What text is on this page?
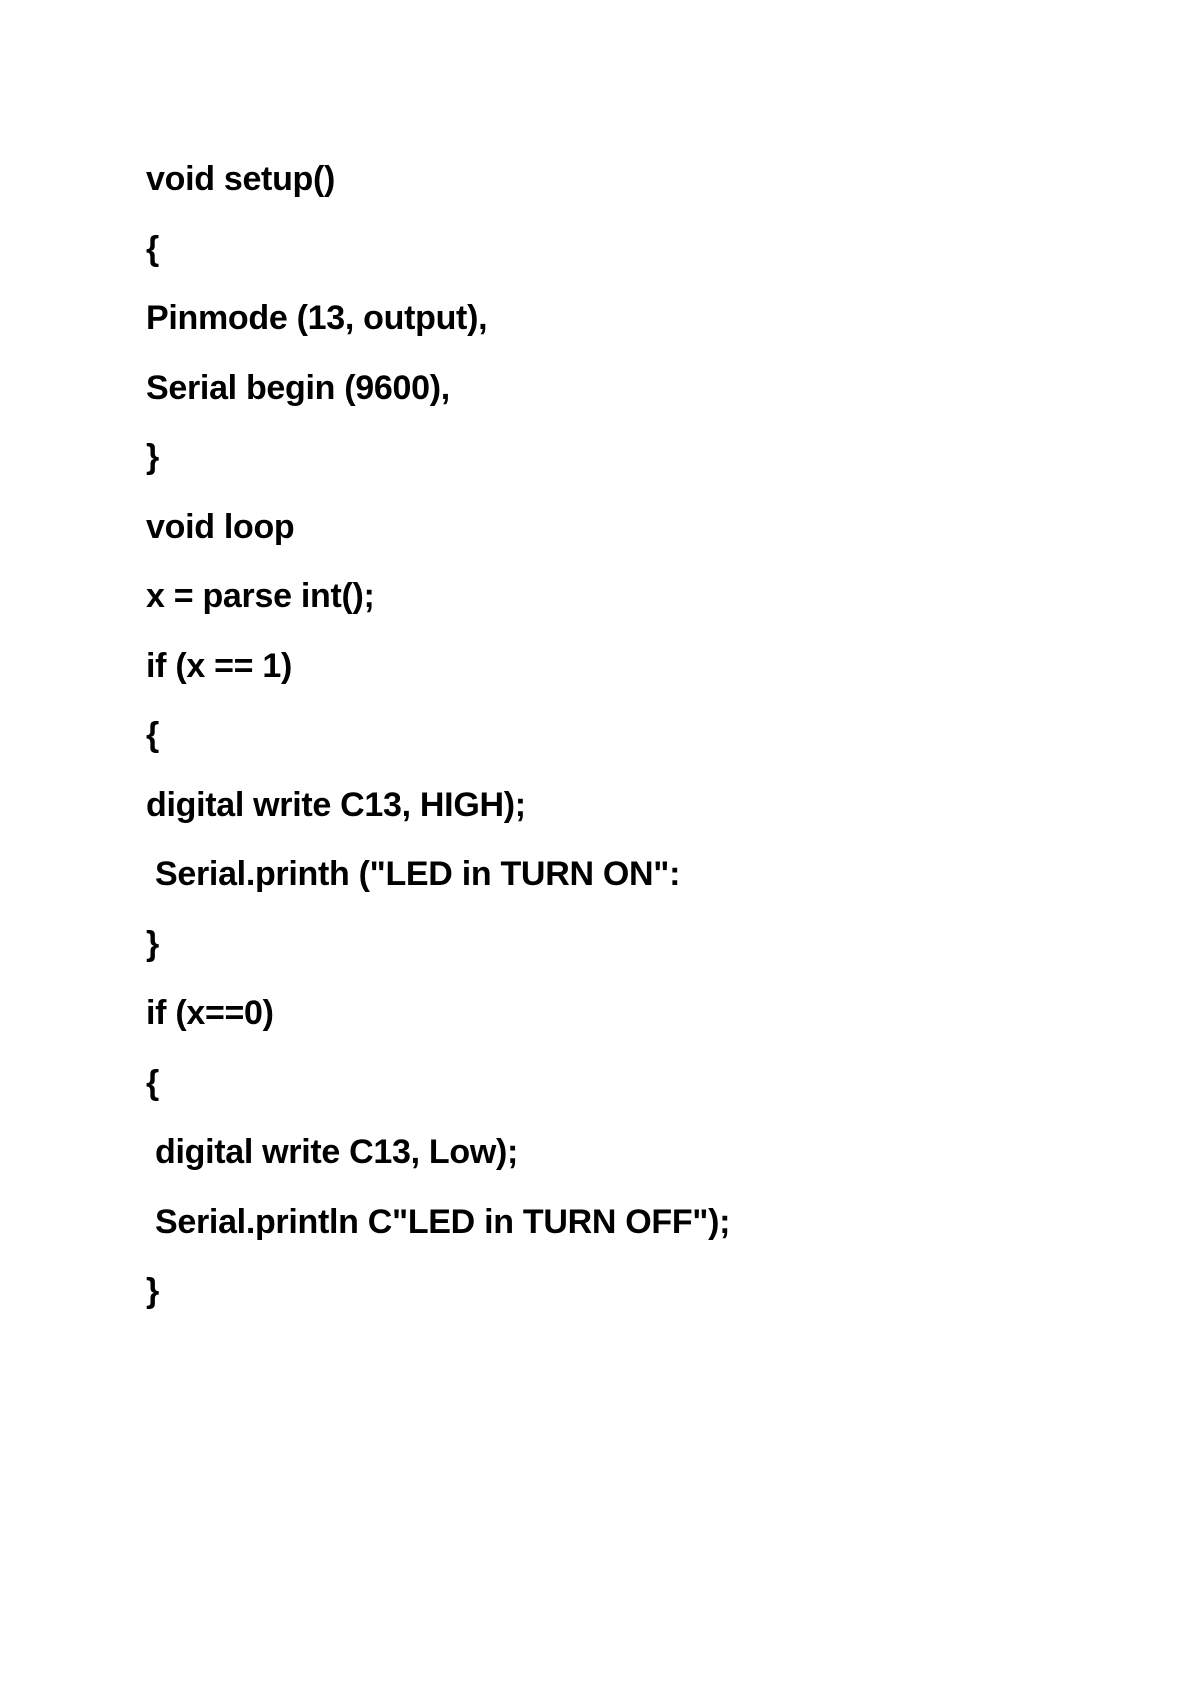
void setup()
{
Pinmode (13, output),
Serial begin (9600),
}
void loop
x = parse int();
if (x == 1)
{
digital write C13, HIGH);
Serial.printh ("LED in TURN ON":
}
if (x==0)
{
digital write C13, Low);
Serial.println C"LED in TURN OFF");
}
